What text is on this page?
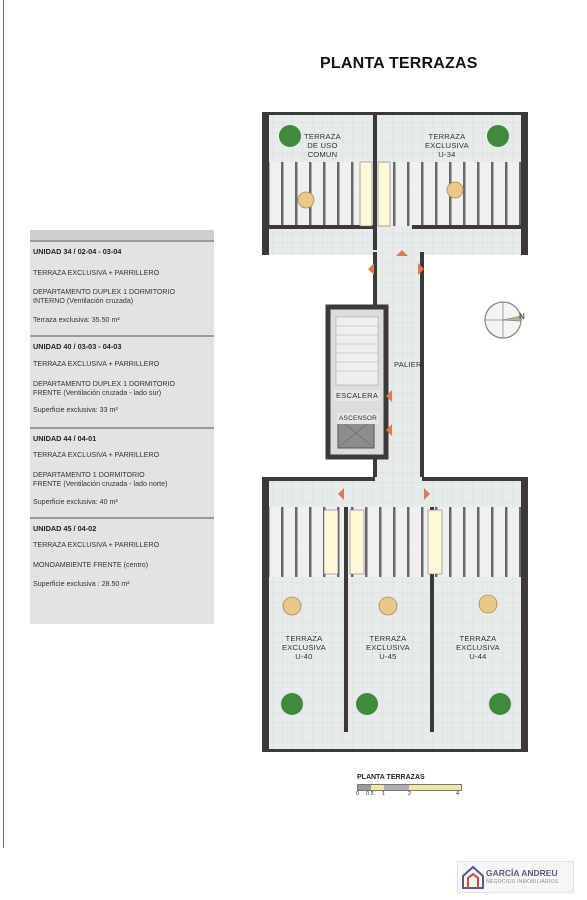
PLANTA TERRAZAS
UNIDAD 34 / 02-04 - 03-04
TERRAZA EXCLUSIVA + PARRILLERO
DEPARTAMENTO DUPLEX 1 DORMITORIO
INTERNO (Ventilación cruzada)
Terraza exclusiva: 35.50 m²
UNIDAD 40 / 03-03 - 04-03
TERRAZA EXCLUSIVA + PARRILLERO
DEPARTAMENTO DUPLEX 1 DORMITORIO
FRENTE (Ventilación cruzada - lado sur)
Superficie exclusiva: 33 m²
UNIDAD 44 / 04-01
TERRAZA EXCLUSIVA + PARRILLERO
DEPARTAMENTO 1 DORMITORIO
FRENTE (Ventilación cruzada - lado norte)
Superficie exclusiva: 40 m²
UNIDAD 45 / 04-02
TERRAZA EXCLUSIVA + PARRILLERO
MONOAMBIENTE FRENTE (centro)
Superficie exclusiva : 28.50 m²
TERRAZA
DE USO
COMUN
TERRAZA
EXCLUSIVA
U-34
PALIER
ESCALERA
ASCENSOR
TERRAZA
EXCLUSIVA
U-40
TERRAZA
EXCLUSIVA
U-45
TERRAZA
EXCLUSIVA
U-44
N
PLANTA TERRAZAS
0 0.5 1	2	4
GARCÍA ANDREU
NEGOCIOS INMOBILIARIOS
